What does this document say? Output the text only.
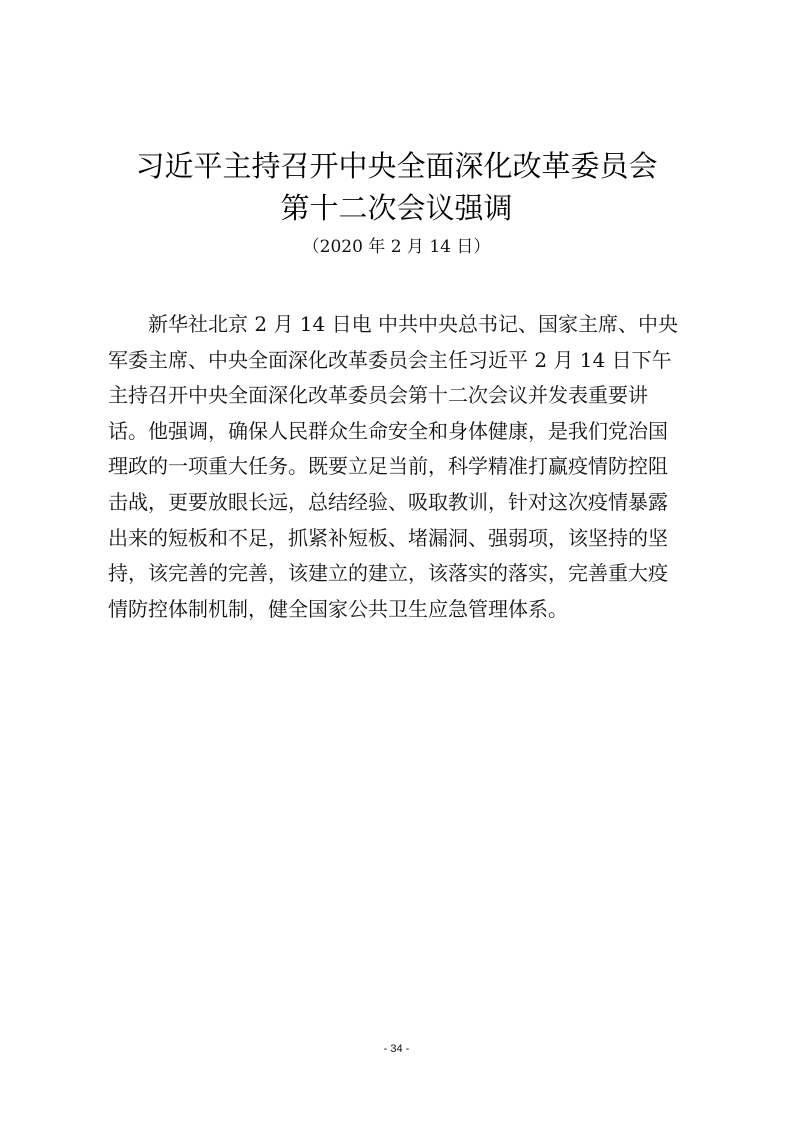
习近平主持召开中央全面深化改革委员会
第十二次会议强调
（2020 年 2 月 14 日）
新华社北京 2 月 14 日电 中共中央总书记、国家主席、中央
军委主席、中央全面深化改革委员会主任习近平 2 月 14 日下午
主持召开中央全面深化改革委员会第十二次会议并发表重要讲
话。他强调，确保人民群众生命安全和身体健康，是我们党治国
理政的一项重大任务。既要立足当前，科学精准打赢疫情防控阻
击战，更要放眼长远，总结经验、吸取教训，针对这次疫情暴露
出来的短板和不足，抓紧补短板、堵漏洞、强弱项，该坚持的坚
持，该完善的完善，该建立的建立，该落实的落实，完善重大疫
情防控体制机制，健全国家公共卫生应急管理体系。
- 34 -
